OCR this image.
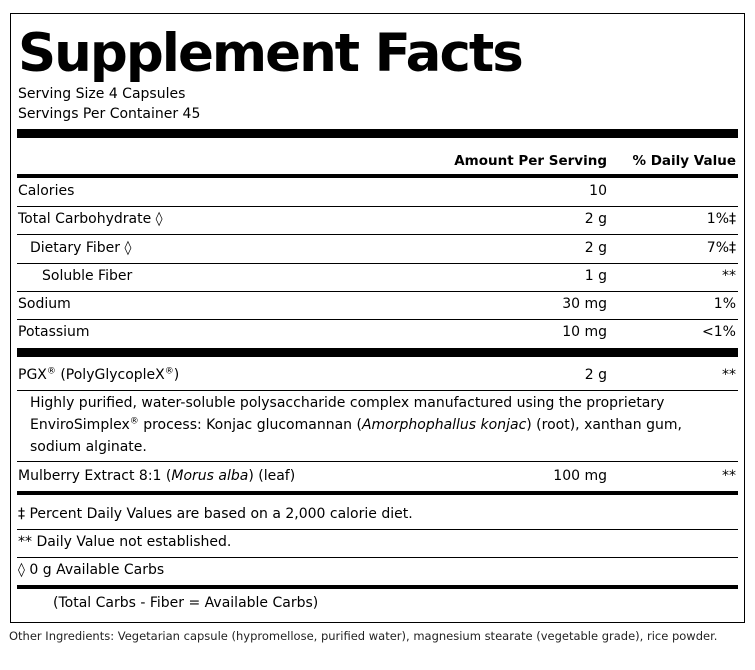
Supplement Facts
Serving Size 4 Capsules
Servings Per Container 45
Amount Per Serving % Daily Value
Calories	10
Total Carbohydrate ◊	2 g	1%‡
Dietary Fiber ◊	2 g	7%‡
Soluble Fiber	1 g	**
Sodium	30 mg	1%
Potassium	10 mg	<1%
PGX® (PolyGlycopleX®)	2 g	**
Highly purified, water-soluble polysaccharide complex manufactured using the proprietary
EnviroSimplex® process: Konjac glucomannan (Amorphophallus konjac) (root), xanthan gum,
sodium alginate.
Mulberry Extract 8:1 (Morus alba) (leaf)	100 mg	**
‡ Percent Daily Values are based on a 2,000 calorie diet.
** Daily Value not established.
◊ 0 g Available Carbs
(Total Carbs - Fiber = Available Carbs)
Other Ingredients: Vegetarian capsule (hypromellose, purified water), magnesium stearate (vegetable grade), rice powder.
